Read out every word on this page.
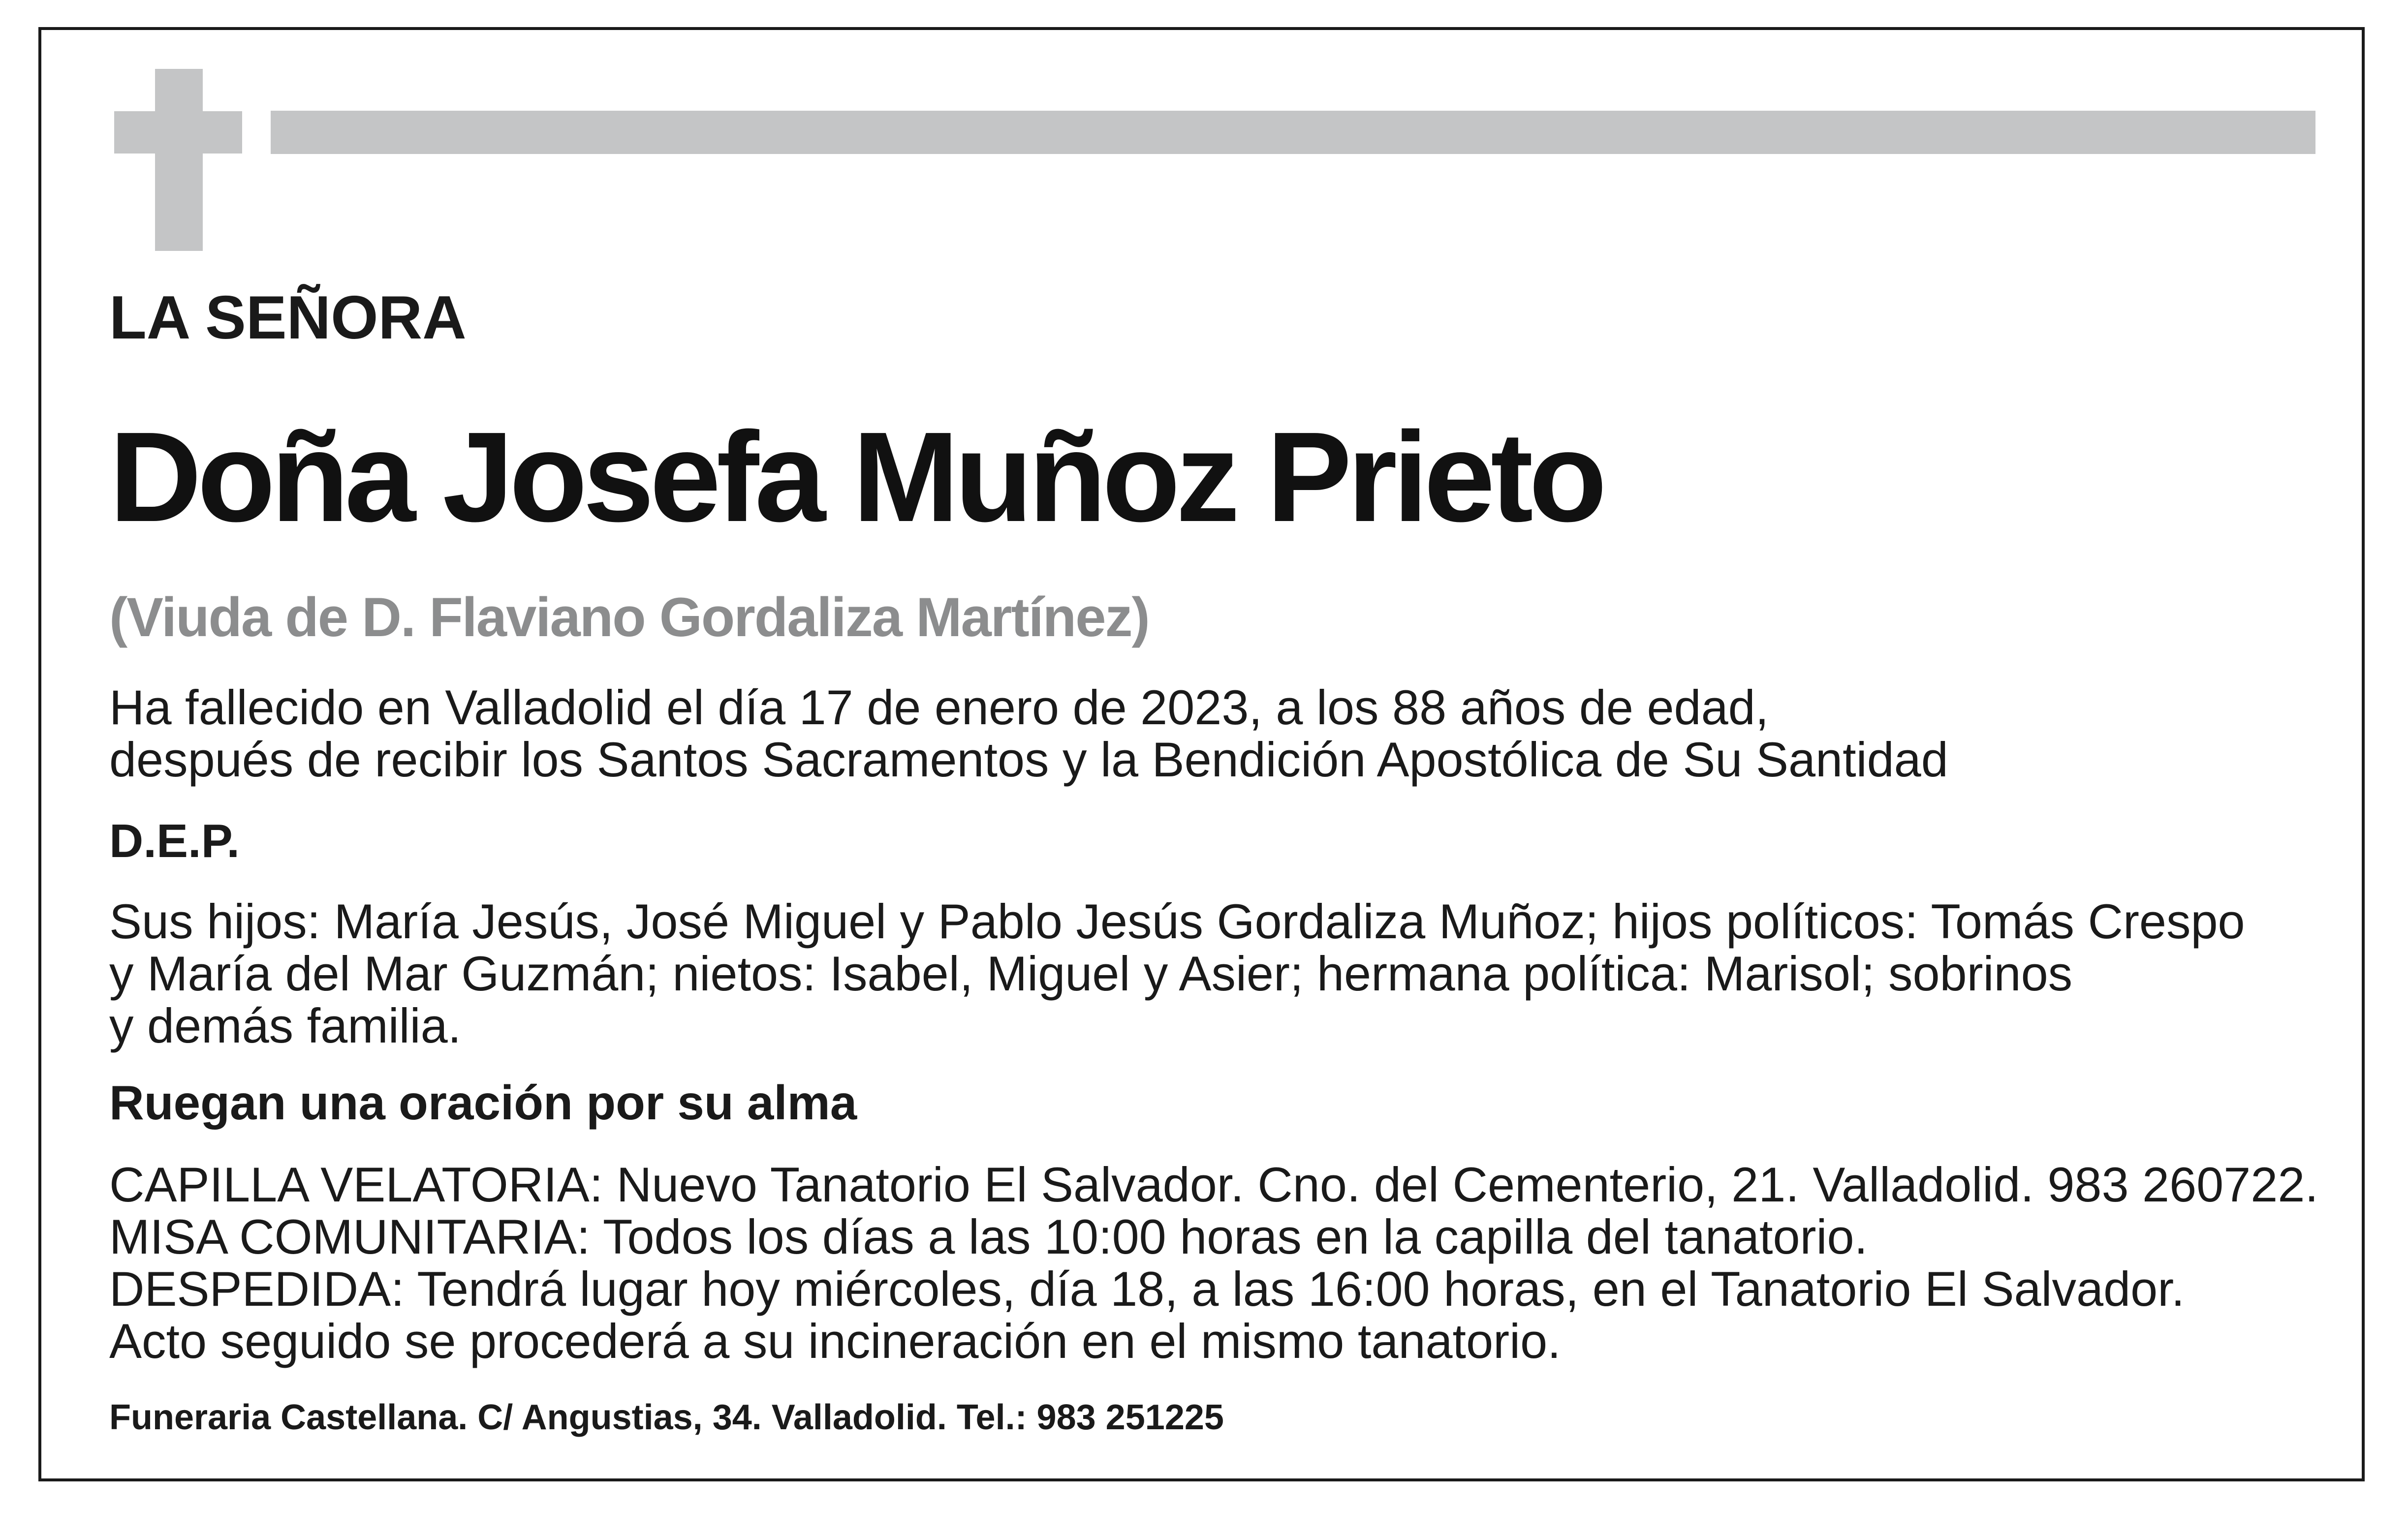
LA SEÑORA

Doña Josefa Muñoz Prieto

(Viuda de D. Flaviano Gordaliza Martínez)

Ha fallecido en Valladolid el día 17 de enero de 2023, a los 88 años de edad,
después de recibir los Santos Sacramentos y la Bendición Apostólica de Su Santidad

D.E.P.

Sus hijos: María Jesús, José Miguel y Pablo Jesús Gordaliza Muñoz; hijos políticos: Tomás Crespo
y María del Mar Guzmán; nietos: Isabel, Miguel y Asier; hermana política: Marisol; sobrinos
y demás familia.

Ruegan una oración por su alma

CAPILLA VELATORIA: Nuevo Tanatorio El Salvador. Cno. del Cementerio, 21. Valladolid. 983 260722.
MISA COMUNITARIA: Todos los días a las 10:00 horas en la capilla del tanatorio.
DESPEDIDA: Tendrá lugar hoy miércoles, día 18, a las 16:00 horas, en el Tanatorio El Salvador.
Acto seguido se procederá a su incineración en el mismo tanatorio.

Funeraria Castellana. C/ Angustias, 34. Valladolid. Tel.: 983 251225
